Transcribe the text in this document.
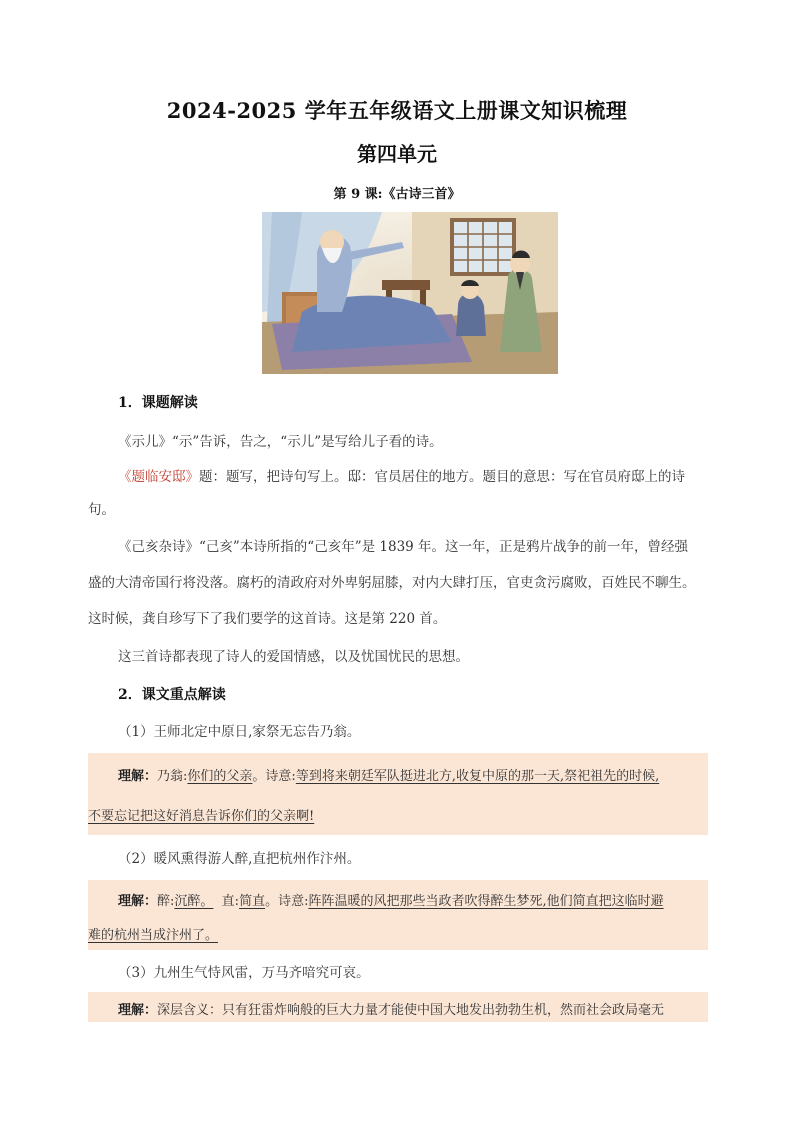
2024-2025 学年五年级语文上册课文知识梳理
第四单元
第 9 课:《古诗三首》
1．课题解读
《示儿》“示”告诉，告之，“示儿”是写给儿子看的诗。
《题临安邸》题：题写，把诗句写上。邸：官员居住的地方。题目的意思：写在官员府邸上的诗
句。
《己亥杂诗》“己亥”本诗所指的“己亥年”是 1839 年。这一年，正是鸦片战争的前一年，曾经强
盛的大清帝国行将没落。腐朽的清政府对外卑躬屈膝，对内大肆打压，官吏贪污腐败，百姓民不聊生。
这时候，龚自珍写下了我们要学的这首诗。这是第 220 首。
这三首诗都表现了诗人的爱国情感，以及忧国忧民的思想。
2．课文重点解读
（1）王师北定中原日,家祭无忘告乃翁。
理解：乃翁:你们的父亲。诗意:等到将来朝廷军队挺进北方,收复中原的那一天,祭祀祖先的时候,
不要忘记把这好消息告诉你们的父亲啊!
（2）暖风熏得游人醉,直把杭州作汴州。
理解：醉:沉醉。  直:简直。诗意:阵阵温暖的风把那些当政者吹得醉生梦死,他们简直把这临时避
难的杭州当成汴州了。
（3）九州生气恃风雷，万马齐喑究可哀。
理解：深层含义：只有狂雷炸响般的巨大力量才能使中国大地发出勃勃生机，然而社会政局毫无
